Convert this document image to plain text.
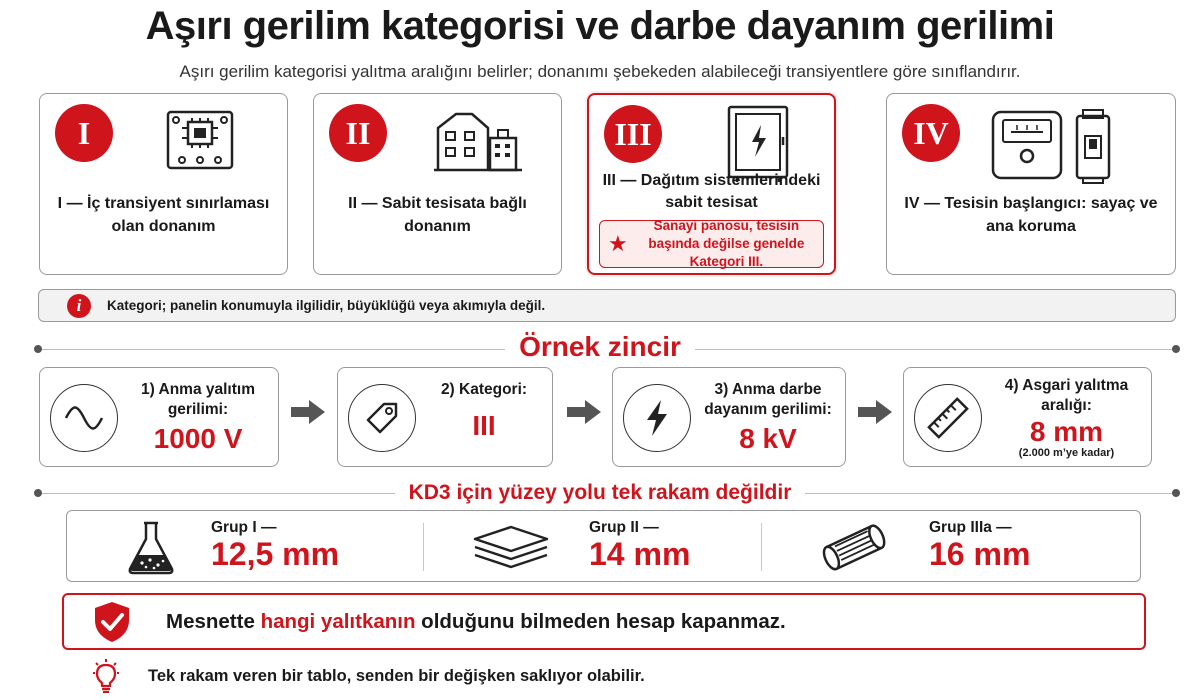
Aşırı gerilim kategorisi ve darbe dayanım gerilimi
Aşırı gerilim kategorisi yalıtma aralığını belirler; donanımı şebekeden alabileceği transiyentlere göre sınıflandırır.
I
I — İç transiyent sınırlaması olan donanım
II
II — Sabit tesisata bağlı donanım
III
III — Dağıtım sistemlerindeki sabit tesisat
★
Sanayi panosu, tesisin başında değilse genelde Kategori III.
IV
IV — Tesisin başlangıcı: sayaç ve ana koruma
i	Kategori; panelin konumuyla ilgilidir, büyüklüğü veya akımıyla değil.
Örnek zincir
1) Anma yalıtım gerilimi:
1000 V
2) Kategori:
III
3) Anma darbe dayanım gerilimi:
8 kV
4) Asgari yalıtma aralığı:
8 mm
(2.000 m’ye kadar)
KD3 için yüzey yolu tek rakam değildir
Grup I —
12,5 mm
Grup II —
14 mm
Grup IIIa —
16 mm
Mesnette hangi yalıtkanın olduğunu bilmeden hesap kapanmaz.
Tek rakam veren bir tablo, senden bir değişken saklıyor olabilir.
